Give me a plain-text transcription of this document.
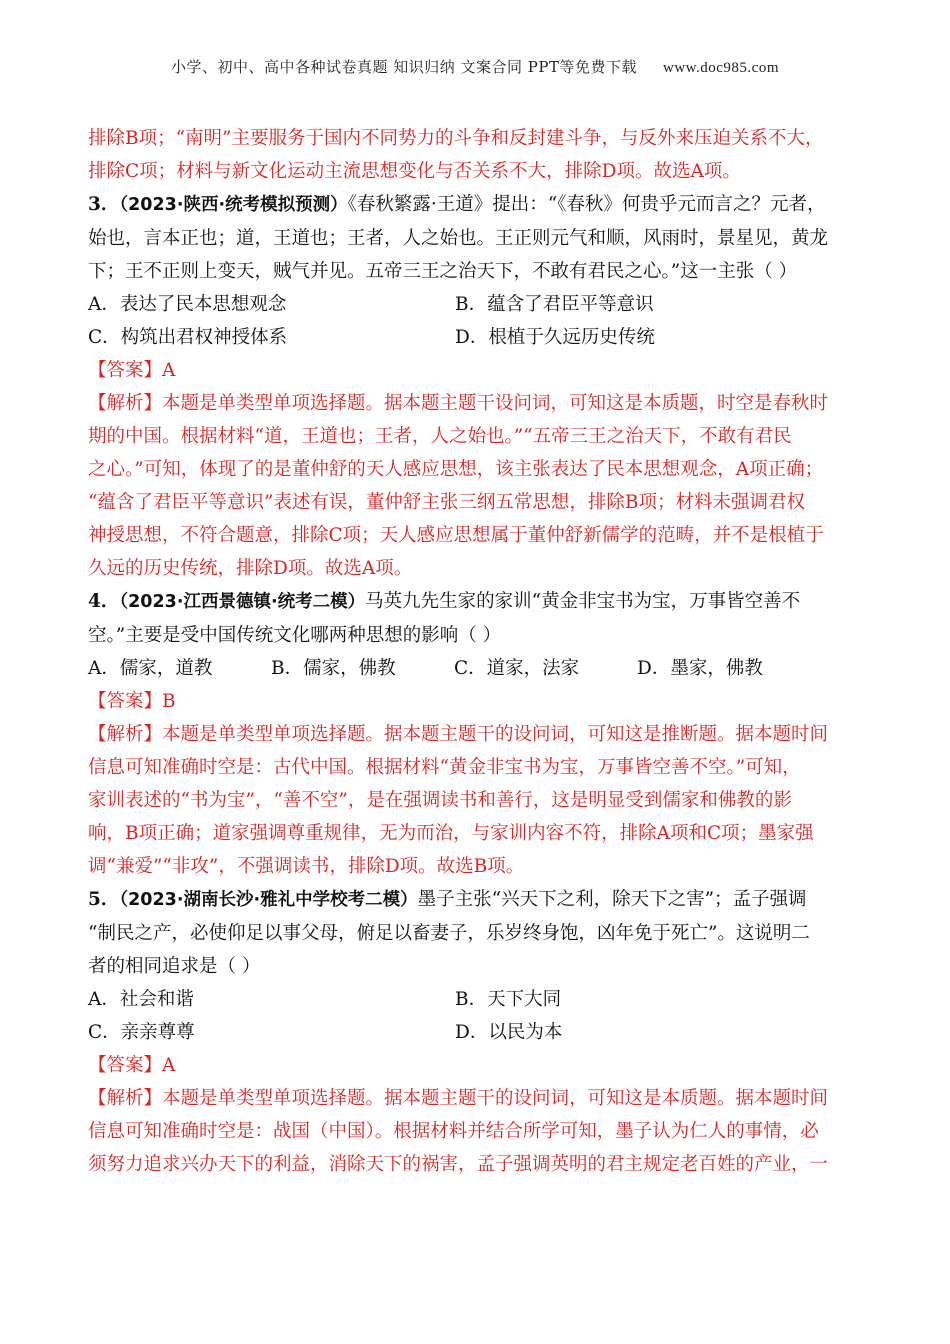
小学、初中、高中各种试卷真题 知识归纳 文案合同 PPT等免费下载 www.doc985.com
排除B项；“南明”主要服务于国内不同势力的斗争和反封建斗争，与反外来压迫关系不大，
排除C项；材料与新文化运动主流思想变化与否关系不大，排除D项。故选A项。
3．（2023·陕西·统考模拟预测）《春秋繁露·王道》提出：“《春秋》何贵乎元而言之？元者，
始也，言本正也；道，王道也；王者，人之始也。王正则元气和顺，风雨时，景星见，黄龙
下；王不正则上变天，贼气并见。五帝三王之治天下，不敢有君民之心。”这一主张（ ）
A．表达了民本思想观念	B．蕴含了君臣平等意识
C．构筑出君权神授体系	D．根植于久远历史传统
【答案】A
【解析】本题是单类型单项选择题。据本题主题干设问词，可知这是本质题，时空是春秋时
期的中国。根据材料“道，王道也；王者，人之始也。”“五帝三王之治天下，不敢有君民
之心。”可知，体现了的是董仲舒的天人感应思想，该主张表达了民本思想观念，A项正确；
“蕴含了君臣平等意识”表述有误，董仲舒主张三纲五常思想，排除B项；材料未强调君权
神授思想，不符合题意，排除C项；天人感应思想属于董仲舒新儒学的范畴，并不是根植于
久远的历史传统，排除D项。故选A项。
4．（2023·江西景德镇·统考二模）马英九先生家的家训“黄金非宝书为宝，万事皆空善不
空。”主要是受中国传统文化哪两种思想的影响（ ）
A．儒家，道教	B．儒家，佛教	C．道家，法家	D．墨家，佛教
【答案】B
【解析】本题是单类型单项选择题。据本题主题干的设问词，可知这是推断题。据本题时间
信息可知准确时空是：古代中国。根据材料“黄金非宝书为宝，万事皆空善不空。”可知，
家训表述的“书为宝”，“善不空”，是在强调读书和善行，这是明显受到儒家和佛教的影
响，B项正确；道家强调尊重规律，无为而治，与家训内容不符，排除A项和C项；墨家强
调“兼爱”“非攻”，不强调读书，排除D项。故选B项。
5．（2023·湖南长沙·雅礼中学校考二模）墨子主张“兴天下之利，除天下之害”；孟子强调
“制民之产，必使仰足以事父母，俯足以畜妻子，乐岁终身饱，凶年免于死亡”。这说明二
者的相同追求是（ ）
A．社会和谐	B．天下大同
C．亲亲尊尊	D．以民为本
【答案】A
【解析】本题是单类型单项选择题。据本题主题干的设问词，可知这是本质题。据本题时间
信息可知准确时空是：战国（中国）。根据材料并结合所学可知，墨子认为仁人的事情，必
须努力追求兴办天下的利益，消除天下的祸害，孟子强调英明的君主规定老百姓的产业，一
